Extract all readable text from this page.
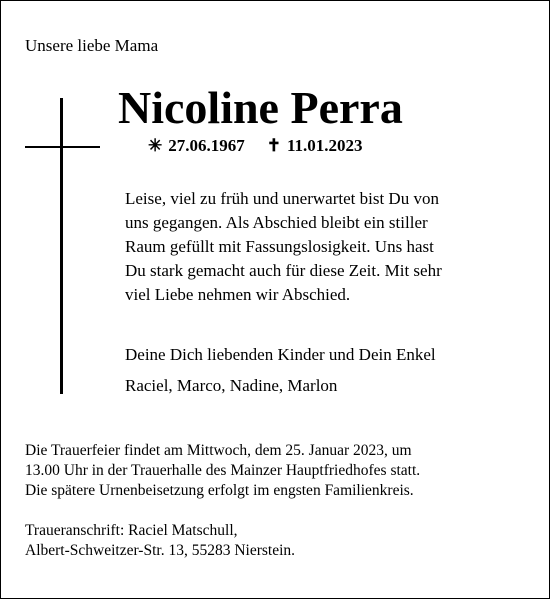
Unsere liebe Mama
Nicoline Perra
✳ 27.06.1967 ✝ 11.01.2023
Leise, viel zu früh und unerwartet bist Du von
uns gegangen. Als Abschied bleibt ein stiller
Raum gefüllt mit Fassungslosigkeit. Uns hast
Du stark gemacht auch für diese Zeit. Mit sehr
viel Liebe nehmen wir Abschied.
Deine Dich liebenden Kinder und Dein Enkel
Raciel, Marco, Nadine, Marlon
Die Trauerfeier findet am Mittwoch, dem 25. Januar 2023, um
13.00 Uhr in der Trauerhalle des Mainzer Hauptfriedhofes statt.
Die spätere Urnenbeisetzung erfolgt im engsten Familienkreis.
Traueranschrift: Raciel Matschull,
Albert-Schweitzer-Str. 13, 55283 Nierstein.
